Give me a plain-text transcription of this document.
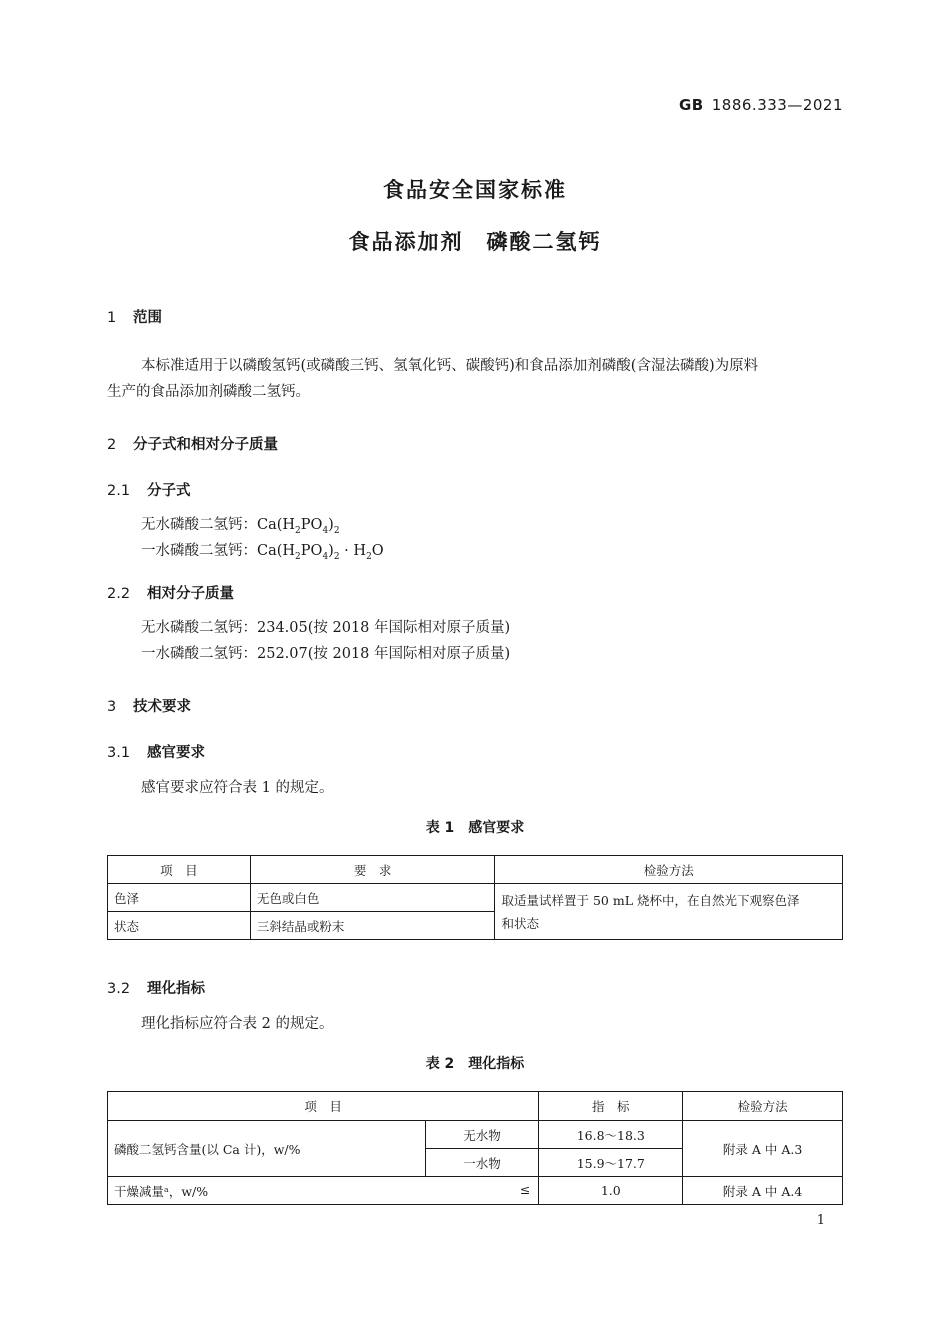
GB 1886.333—2021
食品安全国家标准
食品添加剂　磷酸二氢钙
1 范围
本标准适用于以磷酸氢钙(或磷酸三钙、氢氧化钙、碳酸钙)和食品添加剂磷酸(含湿法磷酸)为原料
生产的食品添加剂磷酸二氢钙。
2 分子式和相对分子质量
2.1 分子式
无水磷酸二氢钙：$Ca(H_2PO_4)_2$
一水磷酸二氢钙：$Ca(H_2PO_4)_2 \cdot H_2O$
2.2 相对分子质量
无水磷酸二氢钙：234.05(按 2018 年国际相对原子质量)
一水磷酸二氢钙：252.07(按 2018 年国际相对原子质量)
3 技术要求
3.1 感官要求
感官要求应符合表 1 的规定。
表 1　感官要求
项　目	要　求	检验方法
色泽	无色或白色	取适量试样置于 50 mL 烧杯中，在自然光下观察色泽
和状态
状态	三斜结晶或粉末	
3.2 理化指标
理化指标应符合表 2 的规定。
表 2　理化指标
项　目		指　标	检验方法
磷酸二氢钙含量(以 Ca 计)，w/%	无水物	16.8～18.3	附录 A 中 A.3
	一水物	15.9～17.7	
干燥减量ᵃ，w/% ≤		1.0	附录 A 中 A.4
1
